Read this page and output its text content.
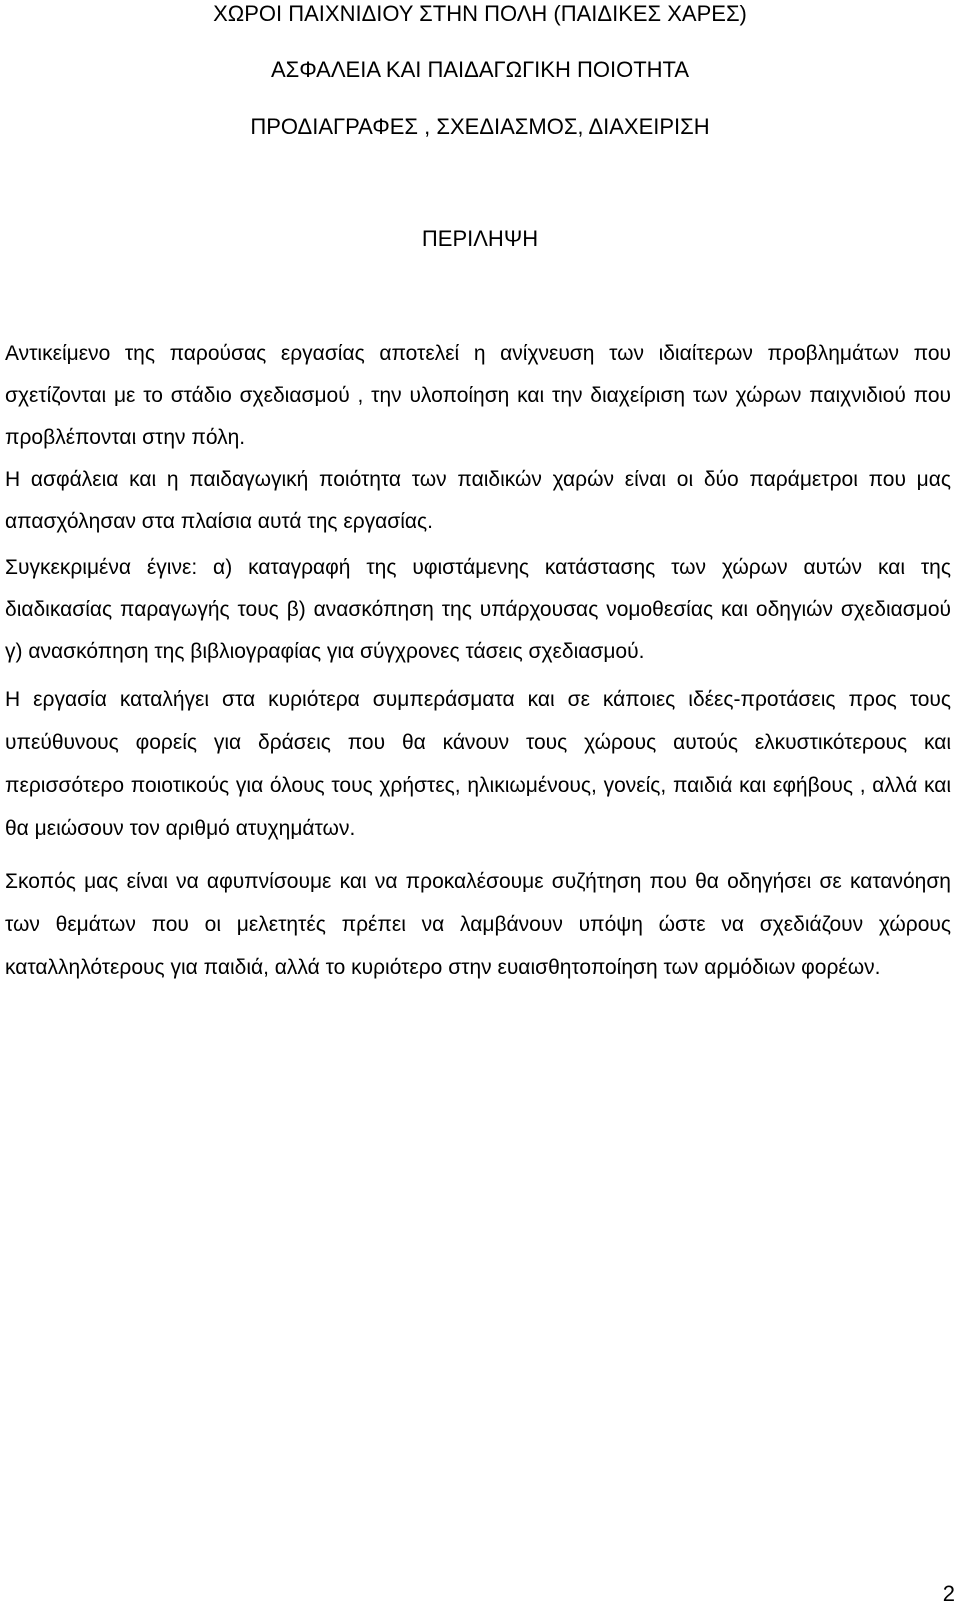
ΧΩΡΟΙ ΠΑΙΧΝΙΔΙΟΥ ΣΤΗΝ ΠΟΛΗ (ΠΑΙΔΙΚΕΣ ΧΑΡΕΣ)
ΑΣΦΑΛΕΙΑ ΚΑΙ ΠΑΙΔΑΓΩΓΙΚΗ ΠΟΙΟΤΗΤΑ
ΠΡΟΔΙΑΓΡΑΦΕΣ , ΣΧΕΔΙΑΣΜΟΣ, ΔΙΑΧΕΙΡΙΣΗ
ΠΕΡΙΛΗΨΗ

Αντικείμενο της παρούσας εργασίας αποτελεί η ανίχνευση των ιδιαίτερων προβλημάτων που σχετίζονται με το στάδιο σχεδιασμού , την υλοποίηση και την διαχείριση των χώρων παιχνιδιού που προβλέπονται στην πόλη.

Η ασφάλεια και η παιδαγωγική ποιότητα των παιδικών χαρών είναι οι δύο παράμετροι που μας απασχόλησαν στα πλαίσια αυτά της εργασίας.

Συγκεκριμένα έγινε: α) καταγραφή της υφιστάμενης κατάστασης των χώρων αυτών και της διαδικασίας παραγωγής τους β) ανασκόπηση της υπάρχουσας νομοθεσίας και οδηγιών σχεδιασμού γ) ανασκόπηση της βιβλιογραφίας για σύγχρονες τάσεις σχεδιασμού.

Η εργασία καταλήγει στα κυριότερα συμπεράσματα και σε κάποιες ιδέες-προτάσεις προς τους υπεύθυνους φορείς για δράσεις που θα κάνουν τους χώρους αυτούς ελκυστικότερους και περισσότερο ποιοτικούς για όλους τους χρήστες, ηλικιωμένους, γονείς, παιδιά και εφήβους , αλλά και θα μειώσουν τον αριθμό ατυχημάτων.

Σκοπός μας είναι να αφυπνίσουμε και να προκαλέσουμε συζήτηση που θα οδηγήσει σε κατανόηση των θεμάτων που οι μελετητές πρέπει να λαμβάνουν υπόψη ώστε να σχεδιάζουν χώρους καταλληλότερους για παιδιά, αλλά το κυριότερο στην ευαισθητοποίηση των αρμόδιων φορέων.

2
